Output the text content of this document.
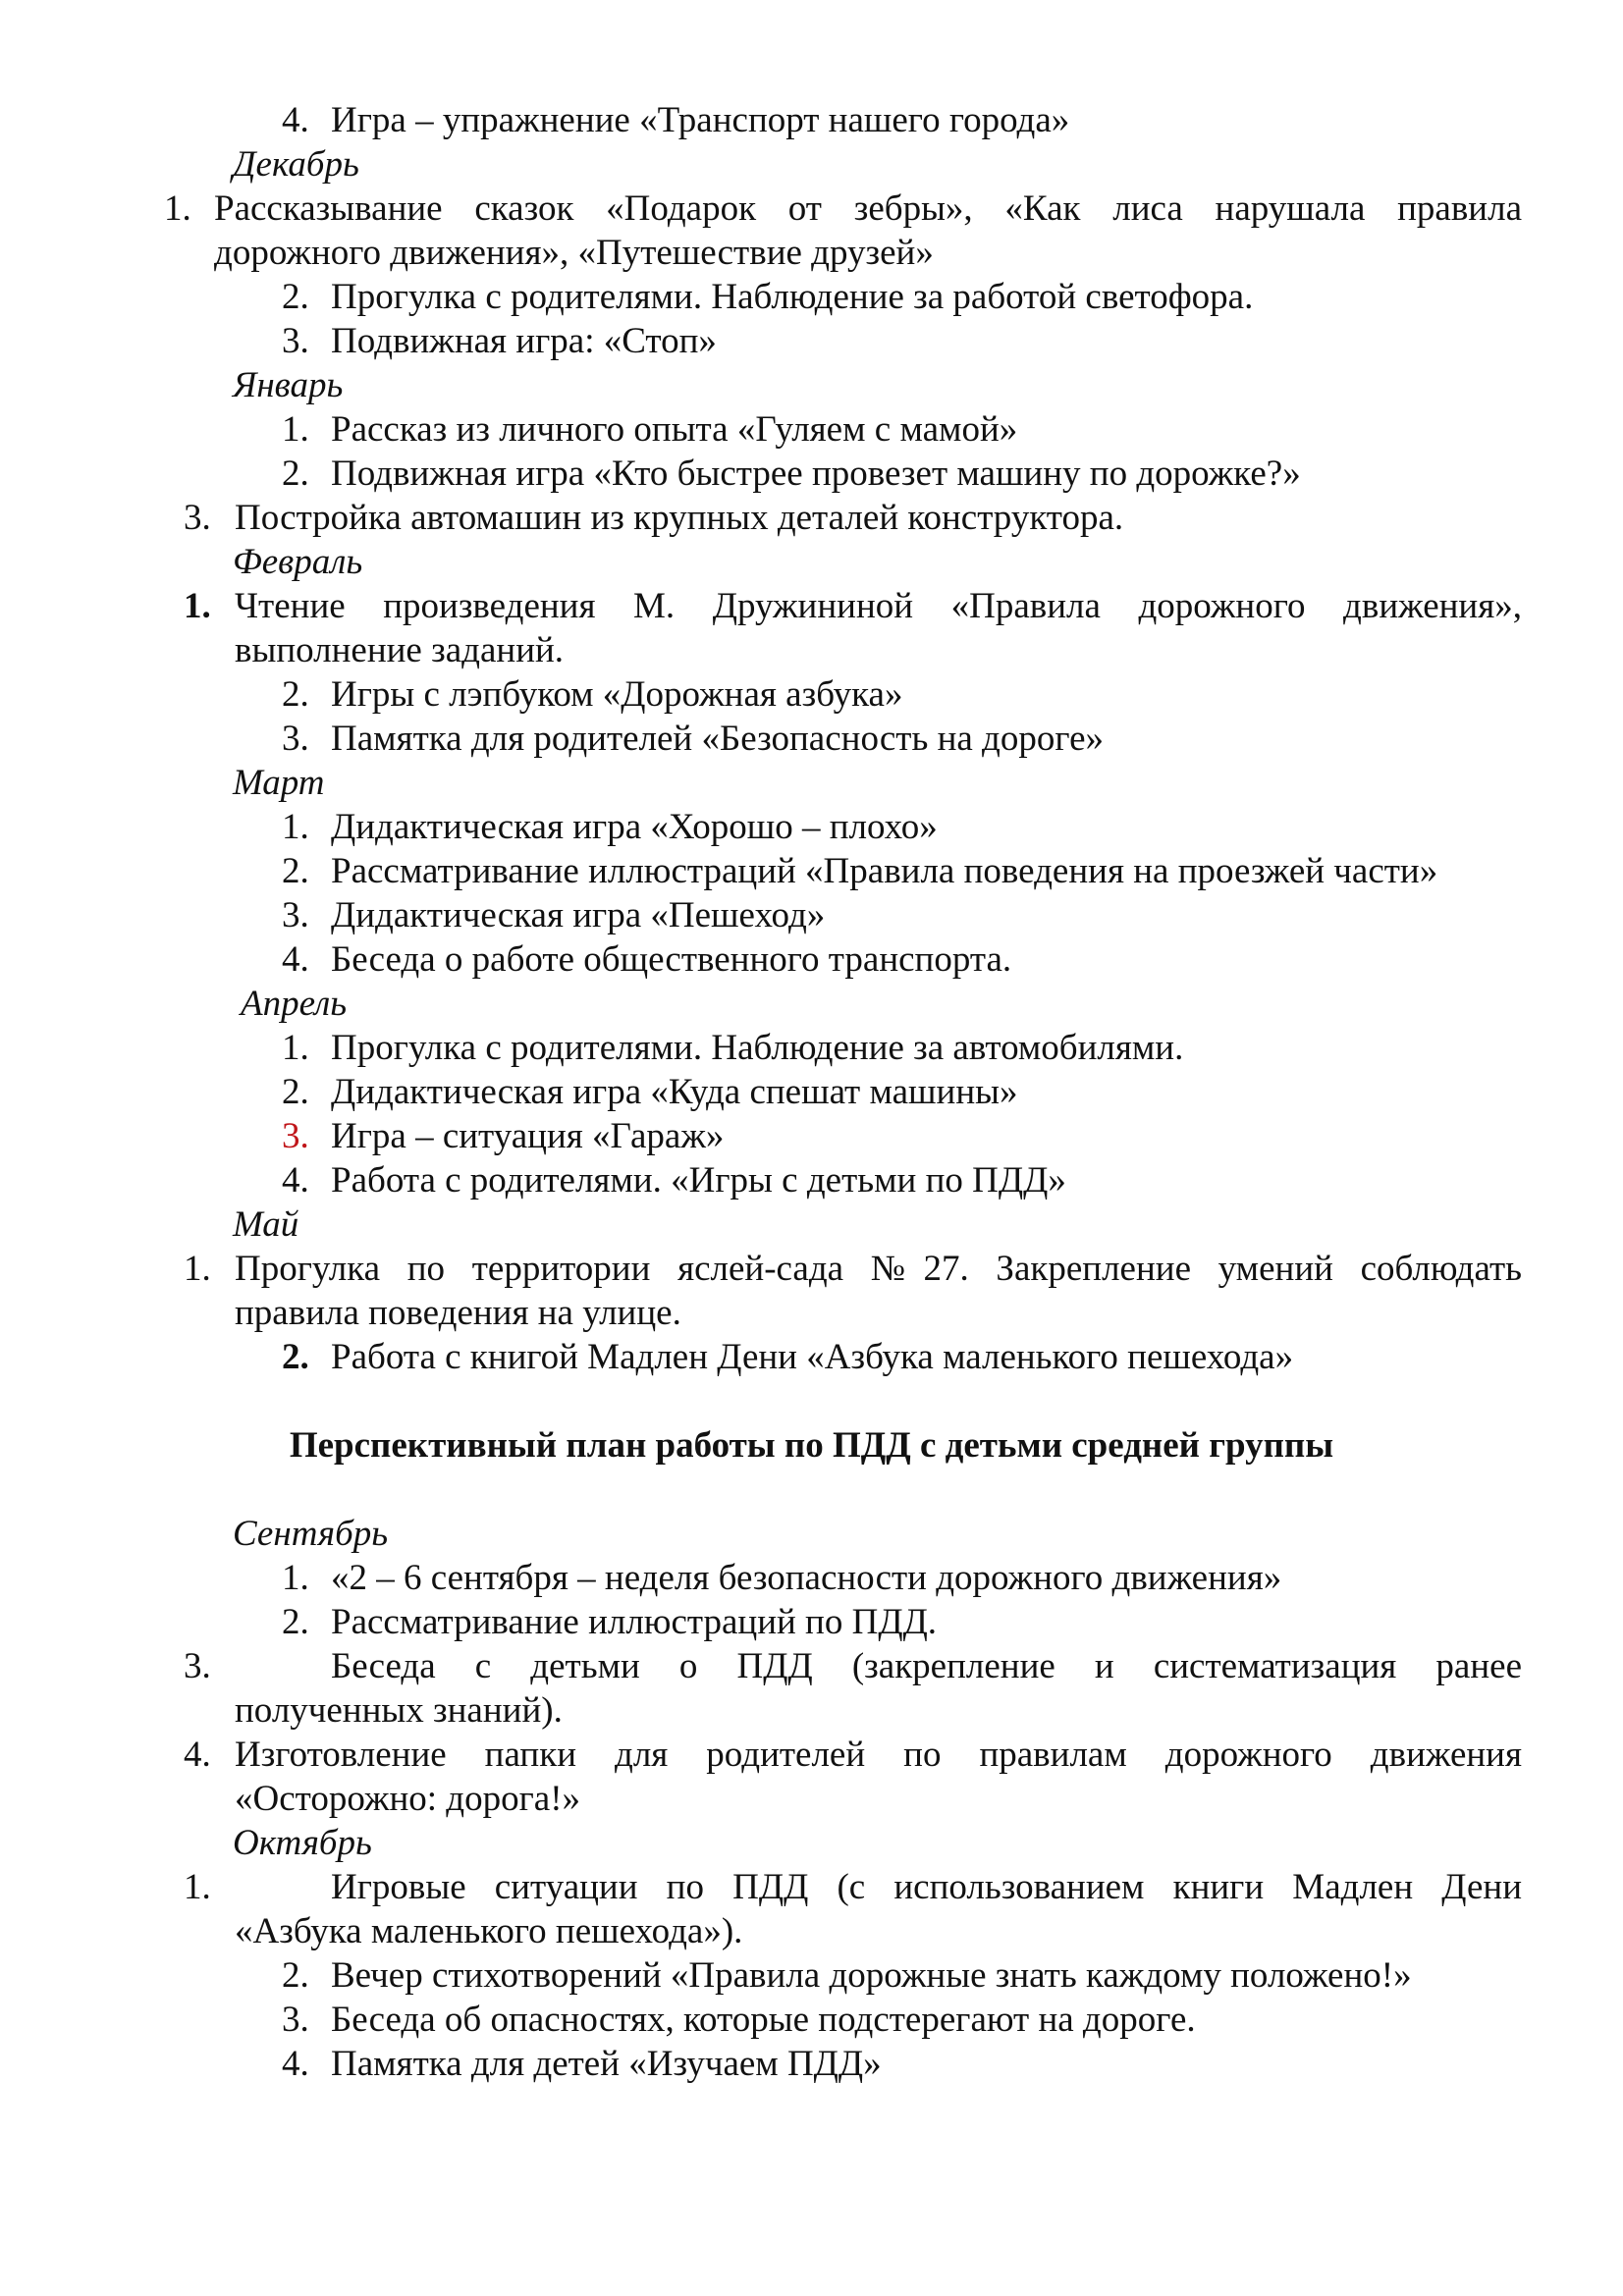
4. Игра – упражнение «Транспорт нашего города»
Декабрь
1. Рассказывание сказок «Подарок от зебры», «Как лиса нарушала правила
дорожного движения», «Путешествие друзей»
2. Прогулка с родителями. Наблюдение за работой светофора.
3. Подвижная игра: «Стоп»
Январь
1. Рассказ из личного опыта «Гуляем с мамой»
2. Подвижная игра «Кто быстрее провезет машину по дорожке?»
3. Постройка автомашин из крупных деталей конструктора.
Февраль
1. Чтение произведения М. Дружининой «Правила дорожного движения»,
выполнение заданий.
2. Игры с лэпбуком «Дорожная азбука»
3. Памятка для родителей «Безопасность на дороге»
Март
1. Дидактическая игра «Хорошо – плохо»
2. Рассматривание иллюстраций «Правила поведения на проезжей части»
3. Дидактическая игра «Пешеход»
4. Беседа о работе общественного транспорта.
Апрель
1. Прогулка с родителями. Наблюдение за автомобилями.
2. Дидактическая игра «Куда спешат машины»
3. Игра – ситуация «Гараж»
4. Работа с родителями. «Игры с детьми по ПДД»
Май
1. Прогулка по территории яслей-сада №27. Закрепление умений соблюдать
правила поведения на улице.
2. Работа с книгой Мадлен Дени «Азбука маленького пешехода»
Перспективный план работы по ПДД с детьми средней группы
Сентябрь
1. «2 – 6 сентября – неделя безопасности дорожного движения»
2. Рассматривание иллюстраций по ПДД.
3.	Беседа с детьми о ПДД (закрепление и систематизация ранее
полученных знаний).
4. Изготовление папки для родителей по правилам дорожного движения
«Осторожно: дорога!»
Октябрь
1.	Игровые ситуации по ПДД (с использованием книги Мадлен Дени
«Азбука маленького пешехода»).
2. Вечер стихотворений «Правила дорожные знать каждому положено!»
3. Беседа об опасностях, которые подстерегают на дороге.
4. Памятка для детей «Изучаем ПДД»
